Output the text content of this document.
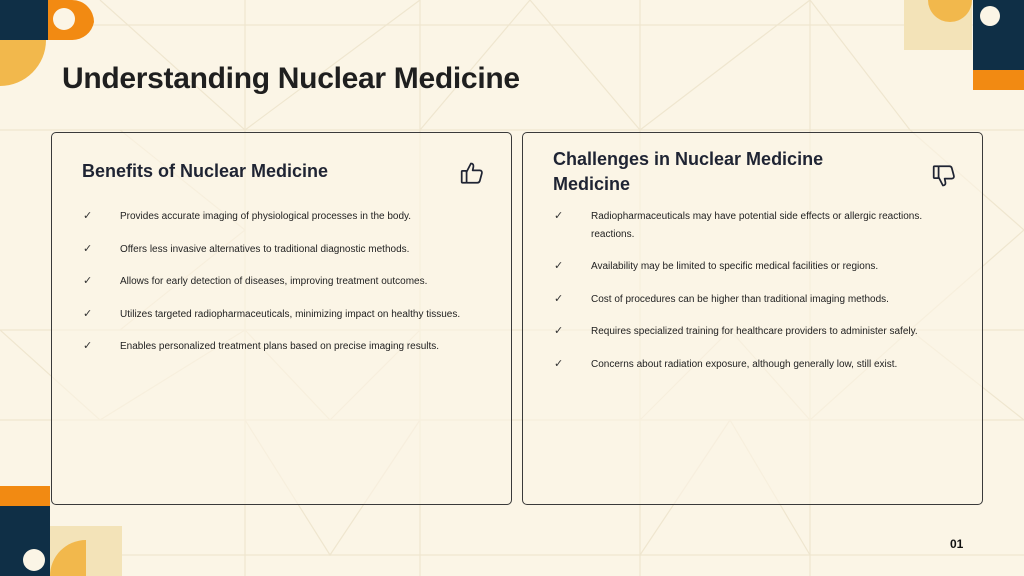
Understanding Nuclear Medicine
Benefits of Nuclear Medicine
✓	Provides accurate imaging of physiological processes in the body.
✓	Offers less invasive alternatives to traditional diagnostic methods.
✓	Allows for early detection of diseases, improving treatment outcomes.
✓	Utilizes targeted radiopharmaceuticals, minimizing impact on healthy tissues.
✓	Enables personalized treatment plans based on precise imaging results.
Challenges in Nuclear Medicine Medicine
✓	Radiopharmaceuticals may have potential side effects or allergic reactions. reactions.
✓	Availability may be limited to specific medical facilities or regions.
✓	Cost of procedures can be higher than traditional imaging methods.
✓	Requires specialized training for healthcare providers to administer safely.
✓	Concerns about radiation exposure, although generally low, still exist.
01
